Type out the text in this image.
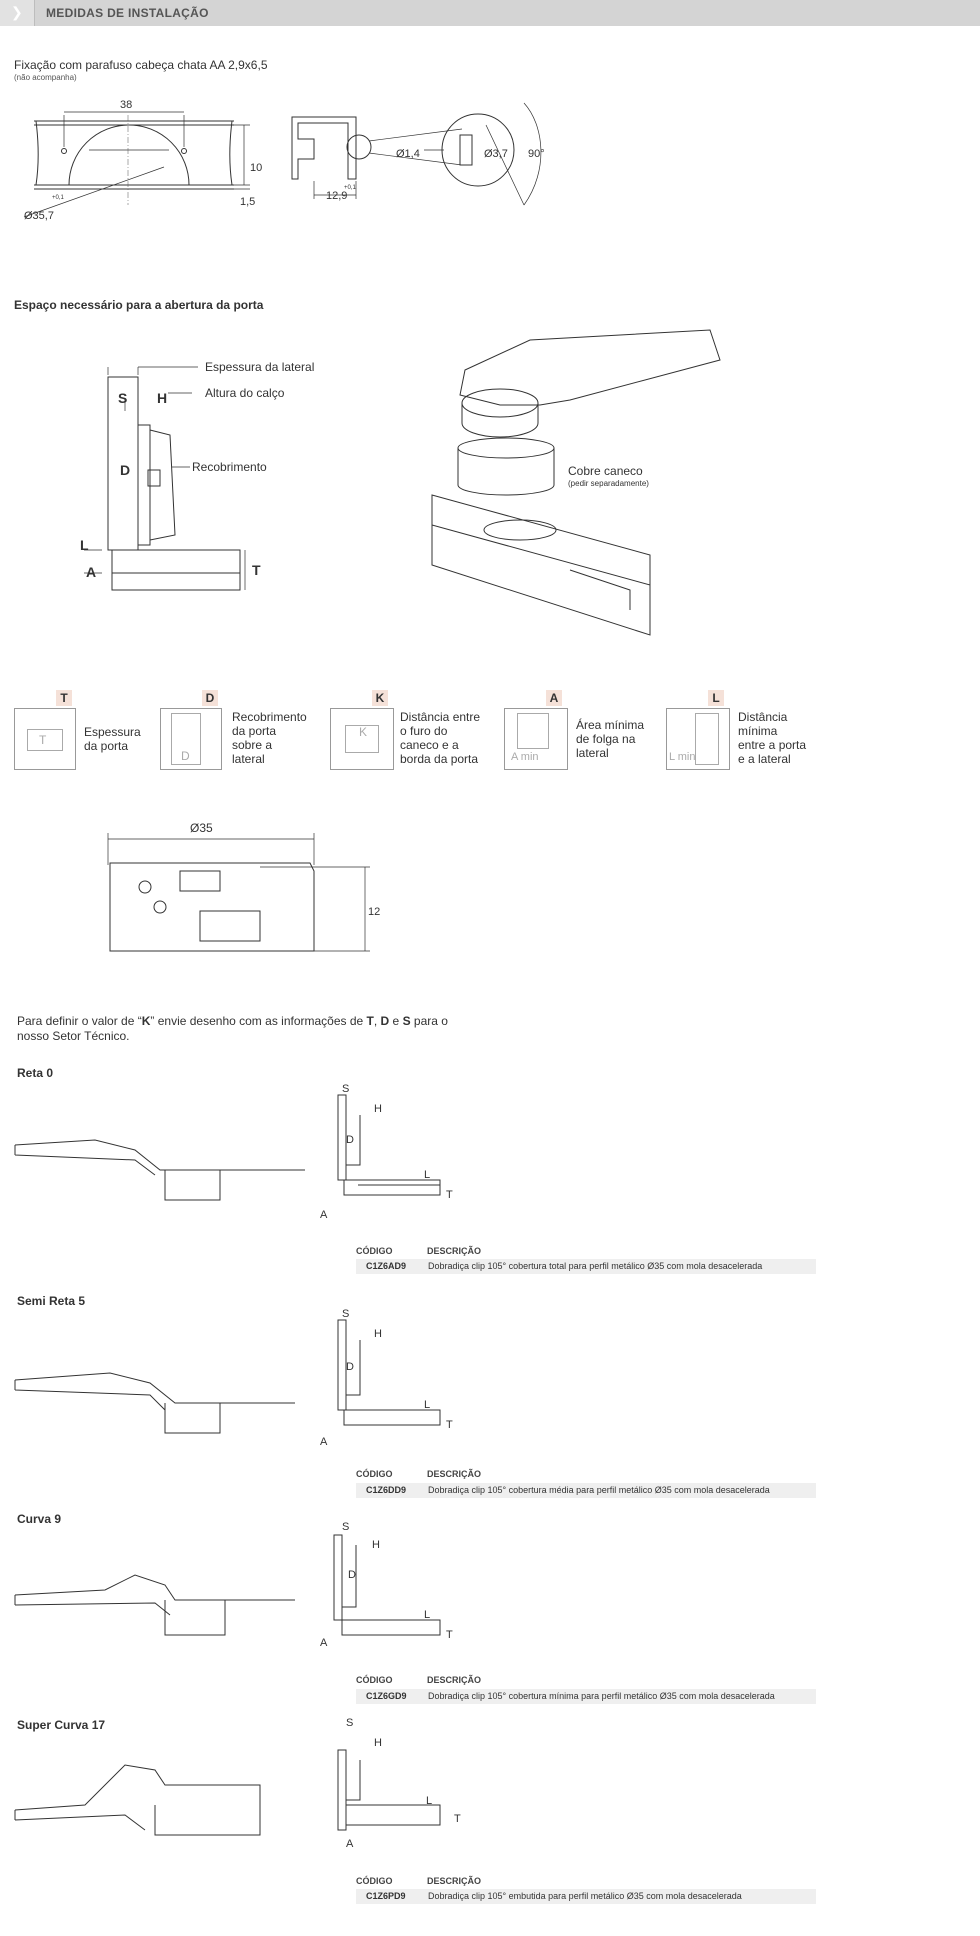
❯ MEDIDAS DE INSTALAÇÃO
Fixação com parafuso cabeça chata AA 2,9x6,5
(não acompanha)
38
10
1,5
Ø35,7
+0,1
Ø1,4	Ø3,7 90°
12,9
+0,1
Espaço necessário para a abertura da porta
S H
D
L
A	T
Espessura da lateral
Altura do calço
Recobrimento	Cobre caneco
(pedir separadamente)
T
T
Espessura
da porta
D
D
Recobrimento
da porta
sobre a
lateral
K
K
Distância entre
o furo do
caneco e a
borda da porta
A
A min
Área mínima
de folga na
lateral
L
L min
Distância
mínima
entre a porta
e a lateral
Ø35
12
Para definir o valor de “K” envie desenho com as informações de T, D e S para o
nosso Setor Técnico.
Reta 0
S
H
D
L
T
A
CÓDIGO	DESCRIÇÃO
C1Z6AD9 Dobradiça clip 105° cobertura total para perfil metálico Ø35 com mola desacelerada
Semi Reta 5
S
H
D
L
T
A
CÓDIGO	DESCRIÇÃO
C1Z6DD9 Dobradiça clip 105° cobertura média para perfil metálico Ø35 com mola desacelerada
Curva 9
S
H
D
L
T
A
CÓDIGO	DESCRIÇÃO
C1Z6GD9 Dobradiça clip 105° cobertura mínima para perfil metálico Ø35 com mola desacelerada
Super Curva 17	S
H
L
T
A
CÓDIGO	DESCRIÇÃO
C1Z6PD9 Dobradiça clip 105° embutida para perfil metálico Ø35 com mola desacelerada
